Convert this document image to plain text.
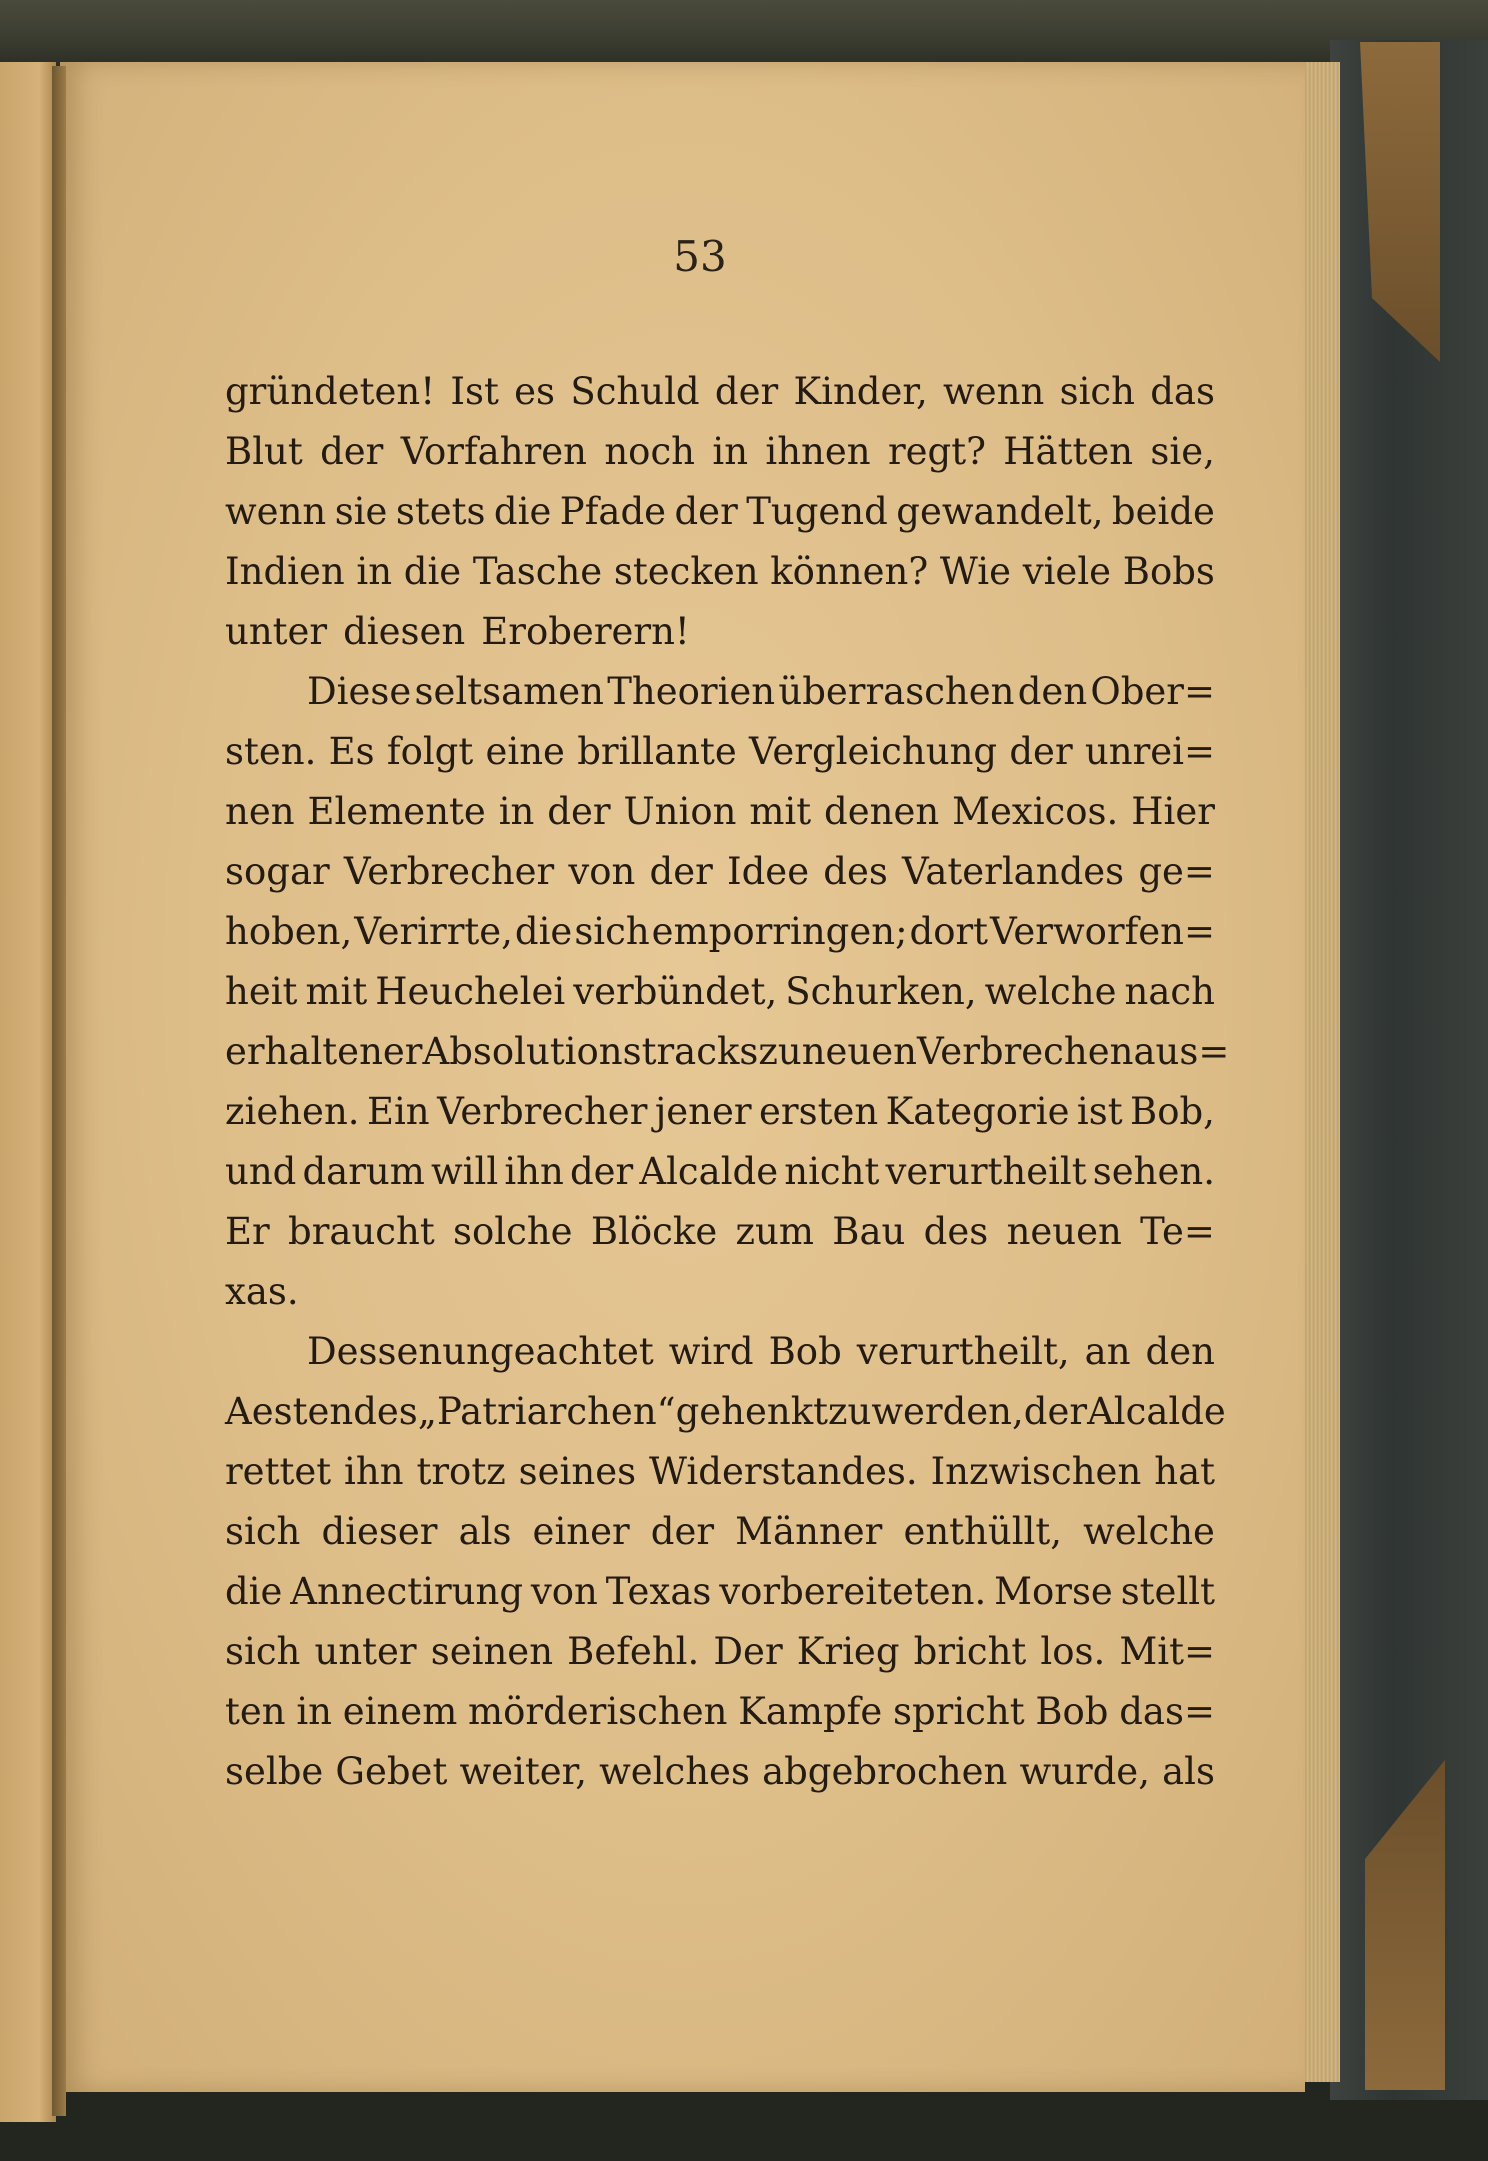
53
gründeten! Ist es Schuld der Kinder, wenn sich das
Blut der Vorfahren noch in ihnen regt? Hätten sie,
wenn sie stets die Pfade der Tugend gewandelt, beide
Indien in die Tasche stecken können? Wie viele Bobs
unter diesen Eroberern!
Diese seltsamen Theorien überraschen den Ober=
sten. Es folgt eine brillante Vergleichung der unrei=
nen Elemente in der Union mit denen Mexicos. Hier
sogar Verbrecher von der Idee des Vaterlandes ge=
hoben, Verirrte, die sich emporringen; dort Verworfen=
heit mit Heuchelei verbündet, Schurken, welche nach
erhaltener Absolution stracks zu neuen Verbrechen aus=
ziehen. Ein Verbrecher jener ersten Kategorie ist Bob,
und darum will ihn der Alcalde nicht verurtheilt sehen.
Er braucht solche Blöcke zum Bau des neuen Te=
xas.
Dessenungeachtet wird Bob verurtheilt, an den
Aesten des „Patriarchen“ gehenkt zu werden, der Alcalde
rettet ihn trotz seines Widerstandes. Inzwischen hat
sich dieser als einer der Männer enthüllt, welche
die Annectirung von Texas vorbereiteten. Morse stellt
sich unter seinen Befehl. Der Krieg bricht los. Mit=
ten in einem mörderischen Kampfe spricht Bob das=
selbe Gebet weiter, welches abgebrochen wurde, als
